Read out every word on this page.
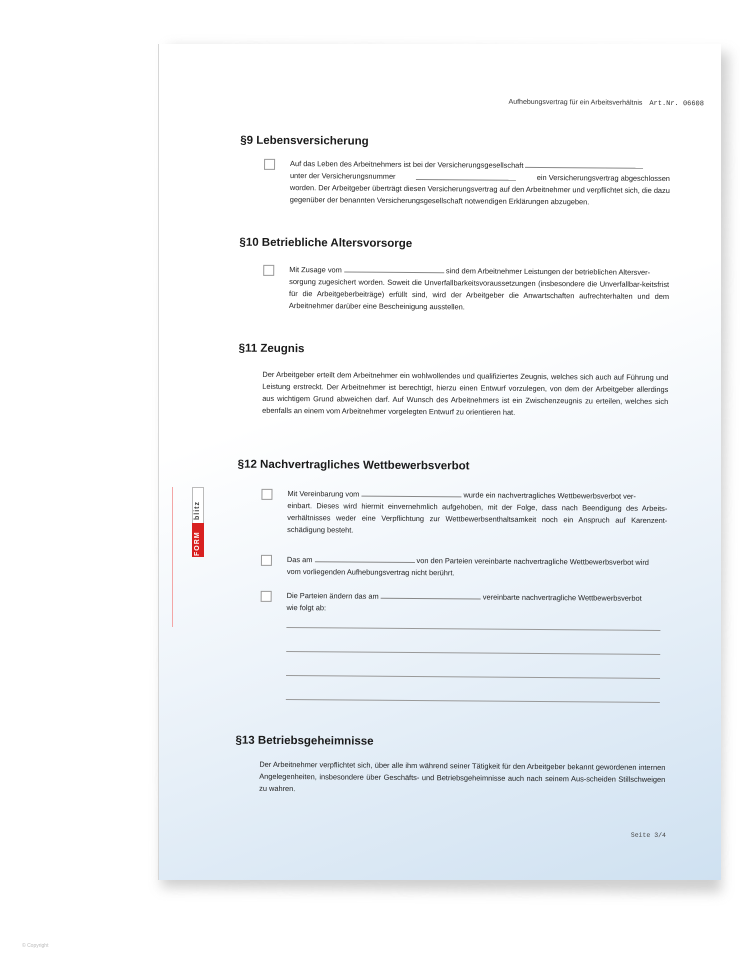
Aufhebungsvertrag für ein Arbeitsverhältnis Art.Nr. 06608
§9 Lebensversicherung
Auf das Leben des Arbeitnehmers ist bei der Versicherungsgesellschaft
unter der Versicherungsnummer	ein Versicherungsvertrag abgeschlossen
worden. Der Arbeitgeber überträgt diesen Versicherungsvertrag auf den Arbeitnehmer und verpflichtet sich, die dazu gegenüber der benannten Versicherungsgesellschaft notwendigen Erklärungen abzugeben.
§10 Betriebliche Altersvorsorge
Mit Zusage vom	sind dem Arbeitnehmer Leistungen der betrieblichen Altersver-
sorgung zugesichert worden. Soweit die Unverfallbarkeitsvoraussetzungen (insbesondere die Unverfallbar-keitsfrist für die Arbeitgeberbeiträge) erfüllt sind, wird der Arbeitgeber die Anwartschaften aufrechterhalten und dem Arbeitnehmer darüber eine Bescheinigung ausstellen.
§11 Zeugnis
Der Arbeitgeber erteilt dem Arbeitnehmer ein wohlwollendes und qualifiziertes Zeugnis, welches sich auch auf Führung und Leistung erstreckt. Der Arbeitnehmer ist berechtigt, hierzu einen Entwurf vorzulegen, von dem der Arbeitgeber allerdings aus wichtigem Grund abweichen darf. Auf Wunsch des Arbeitnehmers ist ein Zwischenzeugnis zu erteilen, welches sich ebenfalls an einem vom Arbeitnehmer vorgelegten Entwurf zu orientieren hat.
§12 Nachvertragliches Wettbewerbsverbot
Mit Vereinbarung vom	wurde ein nachvertragliches Wettbewerbsverbot ver-
einbart. Dieses wird hiermit einvernehmlich aufgehoben, mit der Folge, dass nach Beendigung des Arbeits-verhältnisses weder eine Verpflichtung zur Wettbewerbsenthaltsamkeit noch ein Anspruch auf Karenzent-schädigung besteht.
Das am	von den Parteien vereinbarte nachvertragliche Wettbewerbsverbot wird
vom vorliegenden Aufhebungsvertrag nicht berührt.
Die Parteien ändern das am	vereinbarte nachvertragliche Wettbewerbsverbot
wie folgt ab:
§13 Betriebsgeheimnisse
Der Arbeitnehmer verpflichtet sich, über alle ihm während seiner Tätigkeit für den Arbeitgeber bekannt gewordenen internen Angelegenheiten, insbesondere über Geschäfts- und Betriebsgeheimnisse auch nach seinem Aus-scheiden Stillschweigen zu wahren.
Seite 3/4
FORM
blitz
© Copyright
